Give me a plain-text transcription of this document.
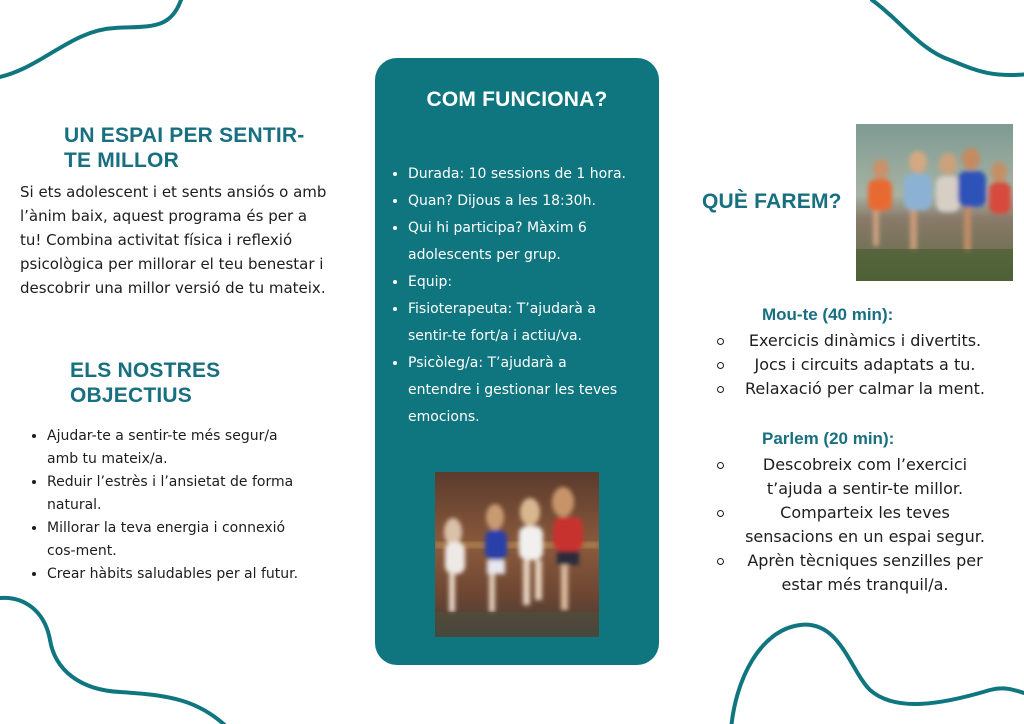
UN ESPAI PER SENTIR-
TE MILLOR
Si ets adolescent i et sents ansiós o amb
l’ànim baix, aquest programa és per a
tu! Combina activitat física i reflexió
psicològica per millorar el teu benestar i
descobrir una millor versió de tu mateix.
ELS NOSTRES
OBJECTIUS
• Ajudar-te a sentir-te més segur/a
amb tu mateix/a.
• Reduir l’estrès i l’ansietat de forma
natural.
• Millorar la teva energia i connexió
cos-ment.
• Crear hàbits saludables per al futur.
COM FUNCIONA?
• Durada: 10 sessions de 1 hora.
• Quan? Dijous a les 18:30h.
• Qui hi participa? Màxim 6
adolescents per grup.
• Equip:
• Fisioterapeuta: T’ajudarà a
sentir-te fort/a i actiu/va.
• Psicòleg/a: T’ajudarà a
entendre i gestionar les teves
emocions.
QUÈ FAREM?
Mou-te (40 min):
Exercicis dinàmics i divertits.
Jocs i circuits adaptats a tu.
Relaxació per calmar la ment.
Parlem (20 min):
Descobreix com l’exercici
t’ajuda a sentir-te millor.
Comparteix les teves
sensacions en un espai segur.
Aprèn tècniques senzilles per
estar més tranquil/a.
